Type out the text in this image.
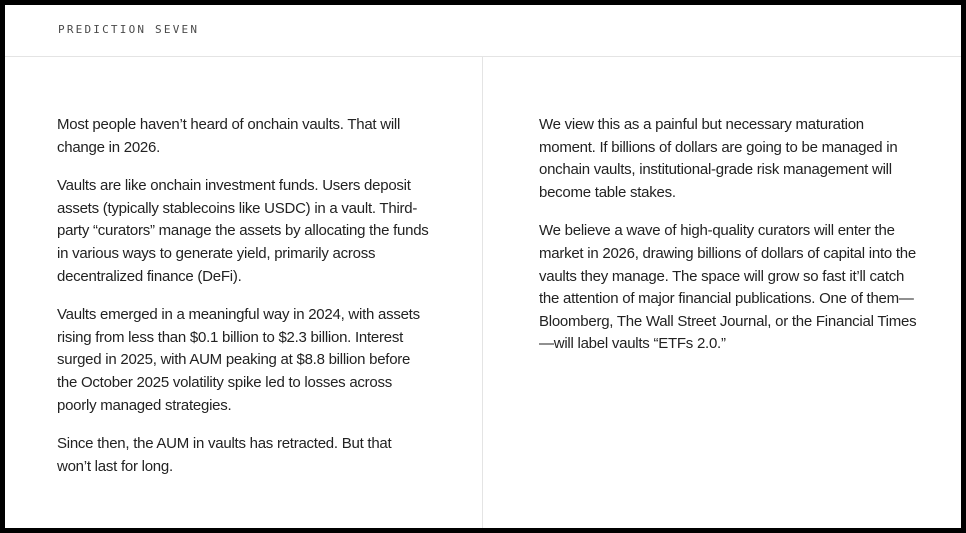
PREDICTION SEVEN

Most people haven’t heard of onchain vaults. That will change in 2026.

Vaults are like onchain investment funds. Users deposit assets (typically stablecoins like USDC) in a vault. Third-party “curators” manage the assets by allocating the funds in various ways to generate yield, primarily across decentralized finance (DeFi).

Vaults emerged in a meaningful way in 2024, with assets rising from less than $0.1 billion to $2.3 billion. Interest surged in 2025, with AUM peaking at $8.8 billion before the October 2025 volatility spike led to losses across poorly managed strategies.

Since then, the AUM in vaults has retracted. But that won’t last for long.

We view this as a painful but necessary maturation moment. If billions of dollars are going to be managed in onchain vaults, institutional-grade risk management will become table stakes.

We believe a wave of high-quality curators will enter the market in 2026, drawing billions of dollars of capital into the vaults they manage. The space will grow so fast it’ll catch the attention of major financial publications. One of them—Bloomberg, The Wall Street Journal, or the Financial Times—will label vaults “ETFs 2.0.”
